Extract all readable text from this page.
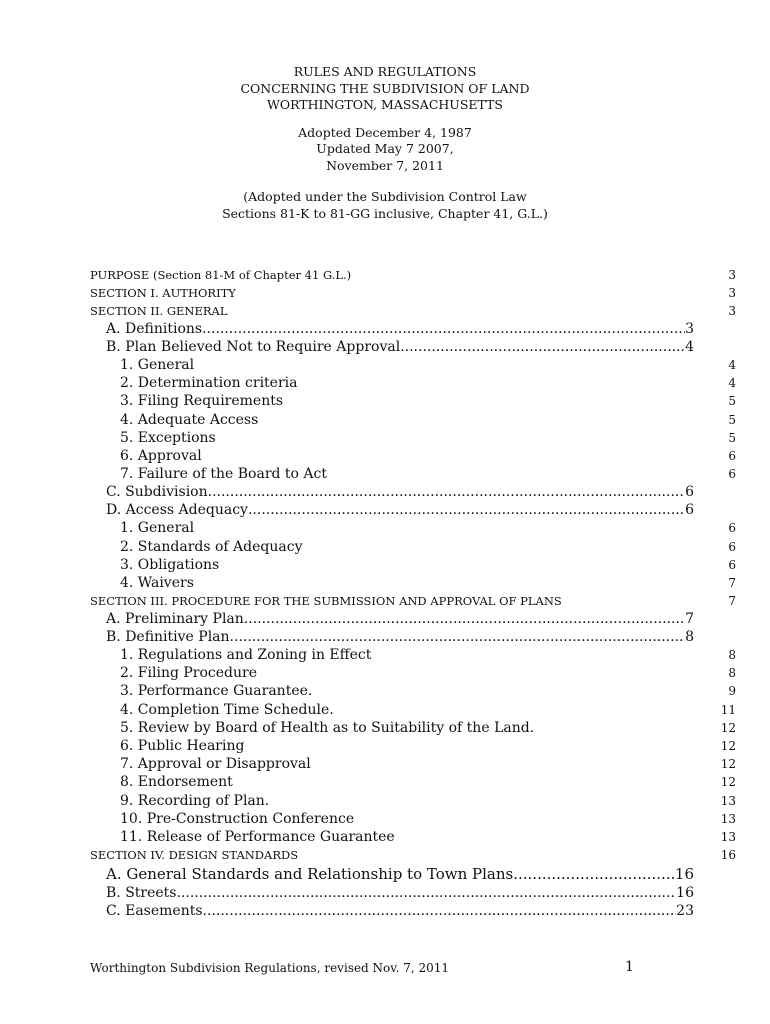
RULES AND REGULATIONS
CONCERNING THE SUBDIVISION OF LAND
WORTHINGTON, MASSACHUSETTS
Adopted December 4, 1987
Updated May 7 2007,
November 7, 2011
(Adopted under the Subdivision Control Law
Sections 81-K to 81-GG inclusive, Chapter 41, G.L.)
PURPOSE (Section 81-M of Chapter 41 G.L.)	3
SECTION I. AUTHORITY	3
SECTION II. GENERAL	3
A. Definitions .....	3
B. Plan Believed Not to Require Approval .....	4
1. General	4
2. Determination criteria	4
3. Filing Requirements	5
4. Adequate Access	5
5. Exceptions	5
6. Approval	6
7. Failure of the Board to Act	6
C. Subdivision .....	6
D. Access Adequacy .....	6
1. General	6
2. Standards of Adequacy	6
3. Obligations	6
4. Waivers	7
SECTION III. PROCEDURE FOR THE SUBMISSION AND APPROVAL OF PLANS	7
A. Preliminary Plan .....	7
B. Definitive Plan .....	8
1. Regulations and Zoning in Effect	8
2. Filing Procedure	8
3. Performance Guarantee.	9
4. Completion Time Schedule.	11
5. Review by Board of Health as to Suitability of the Land.	12
6. Public Hearing	12
7. Approval or Disapproval	12
8. Endorsement	12
9. Recording of Plan.	13
10. Pre-Construction Conference	13
11. Release of Performance Guarantee	13
SECTION IV. DESIGN STANDARDS	16
A. General Standards and Relationship to Town Plans .....	16
B. Streets .....	16
C. Easements .....	23
Worthington Subdivision Regulations, revised Nov. 7, 2011	1
